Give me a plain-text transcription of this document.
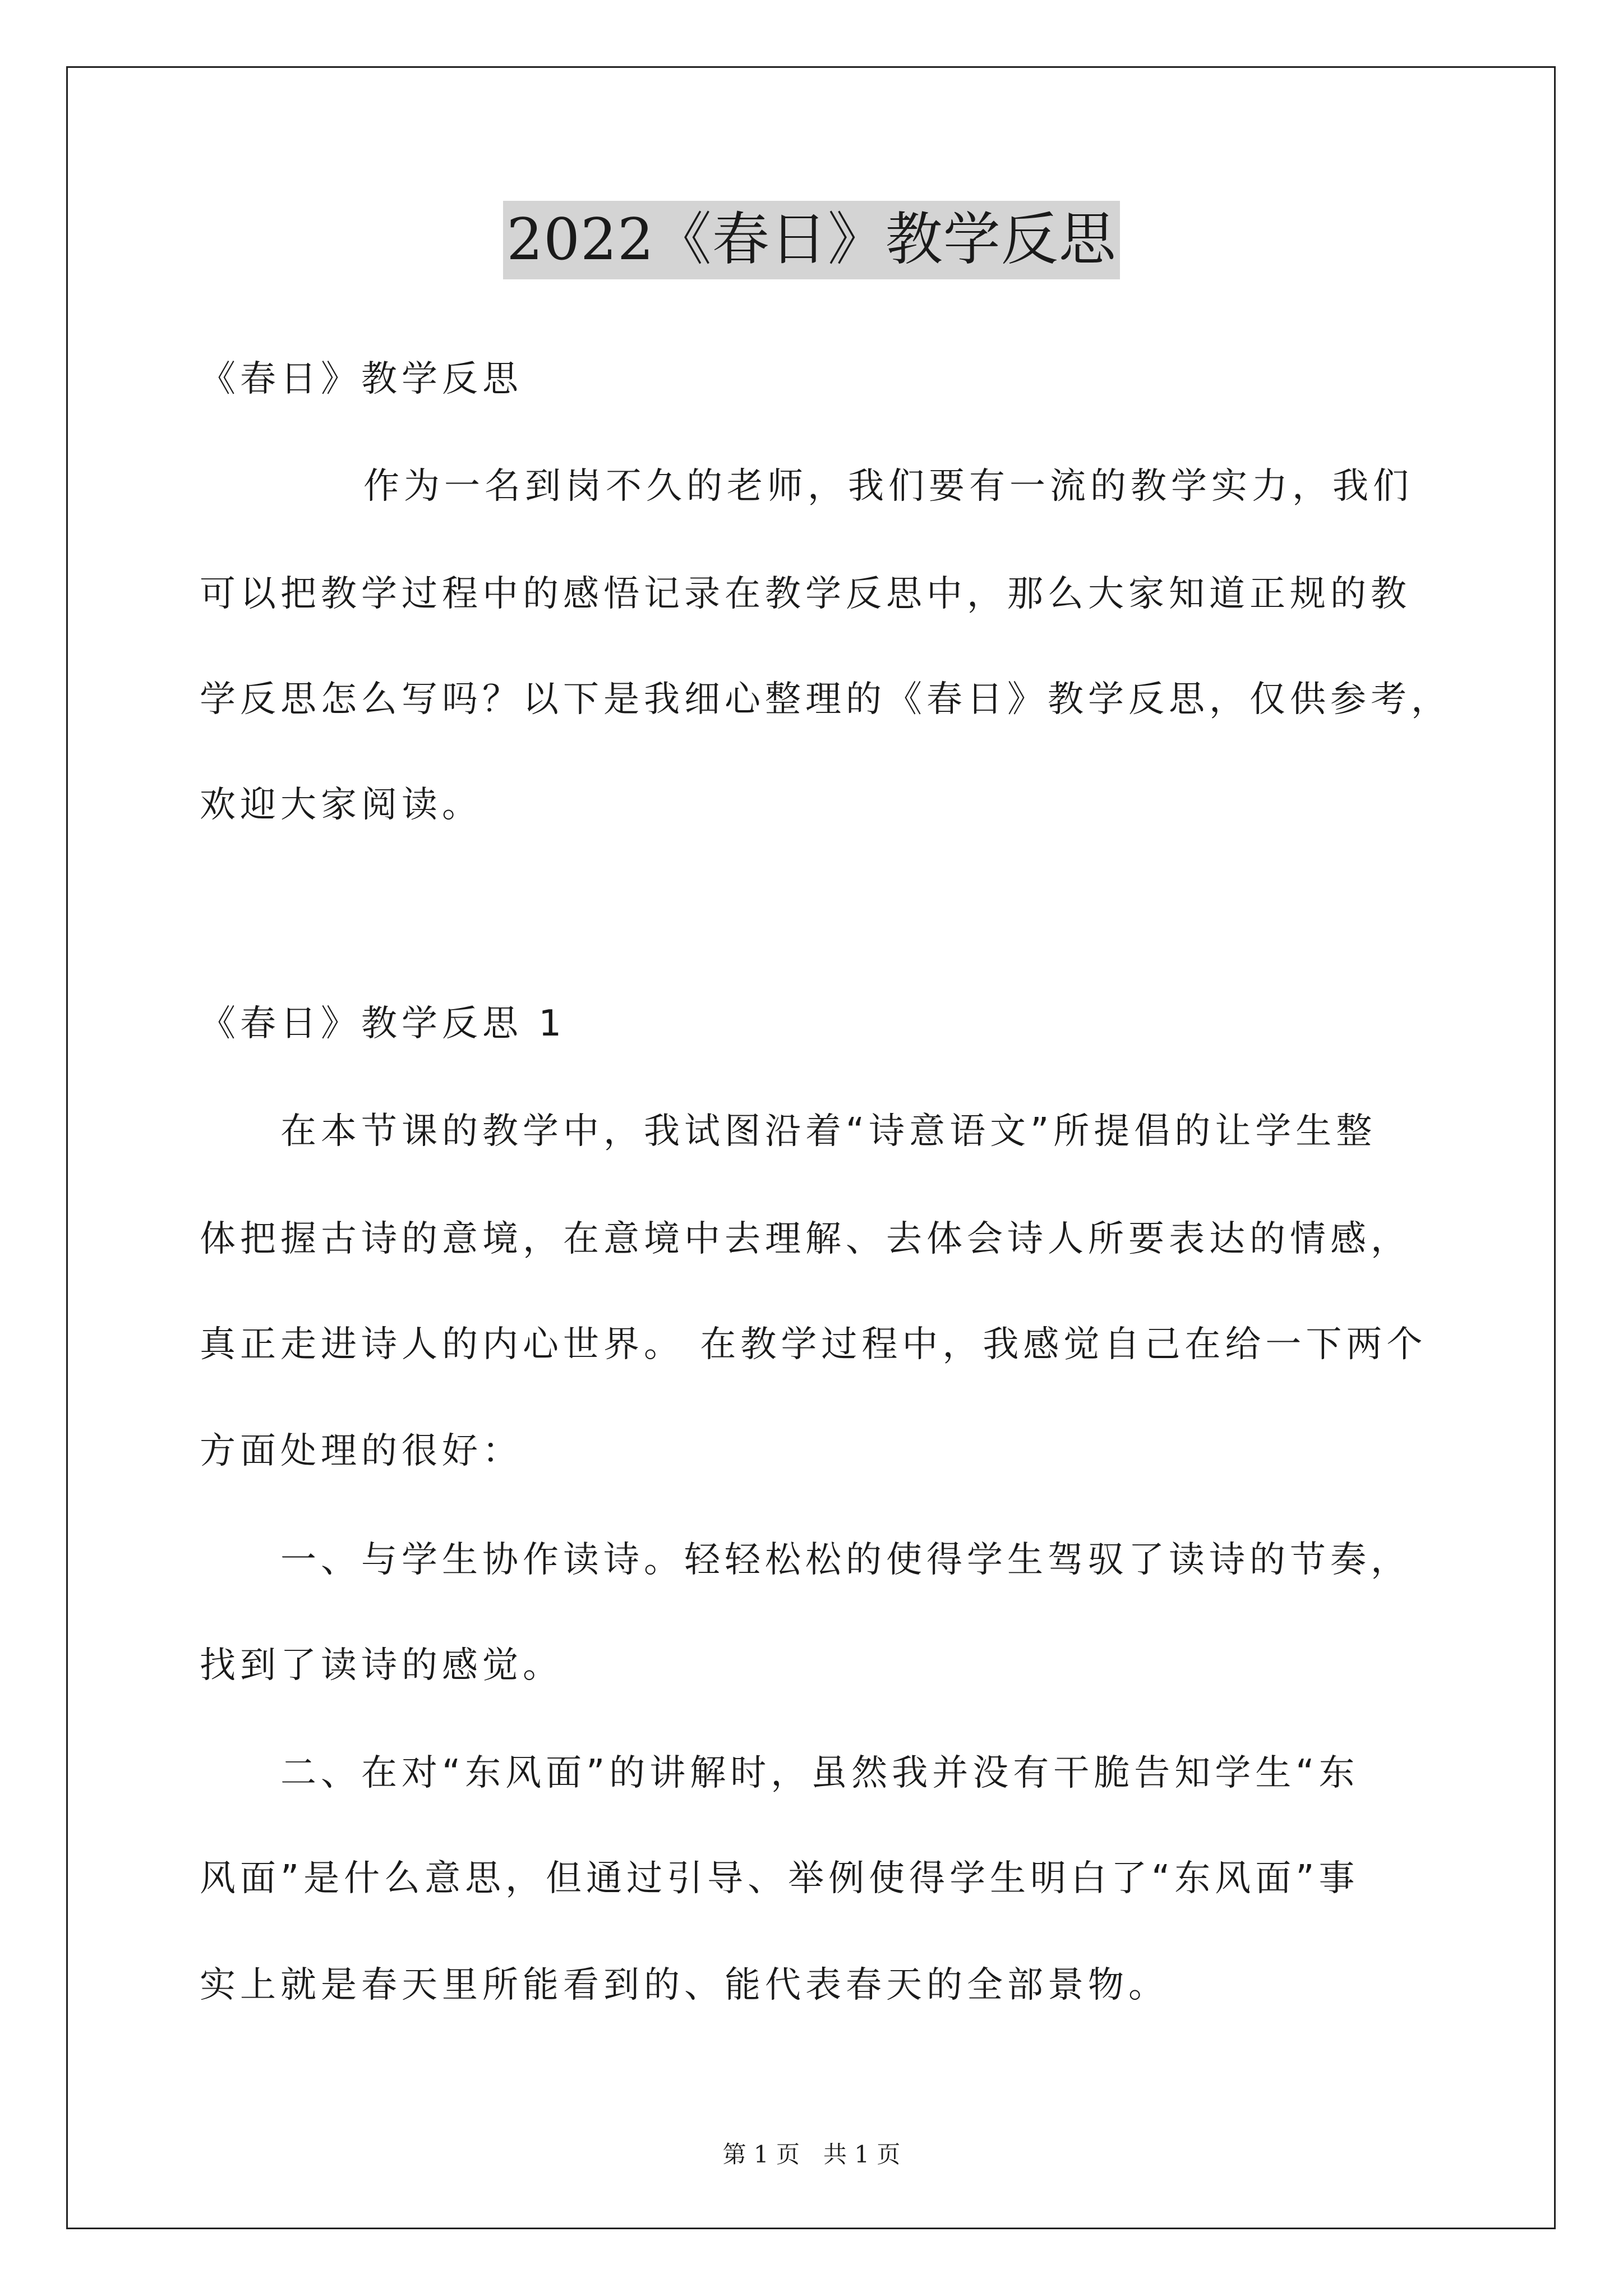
2022《春日》教学反思
《春日》教学反思
作为一名到岗不久的老师，我们要有一流的教学实力，我们
可以把教学过程中的感悟记录在教学反思中，那么大家知道正规的教
学反思怎么写吗？以下是我细心整理的《春日》教学反思，仅供参考，
欢迎大家阅读。
《春日》教学反思 1
在本节课的教学中，我试图沿着“诗意语文”所提倡的让学生整
体把握古诗的意境，在意境中去理解、去体会诗人所要表达的情感，
真正走进诗人的内心世界。 在教学过程中，我感觉自己在给一下两个
方面处理的很好：
一、与学生协作读诗。轻轻松松的使得学生驾驭了读诗的节奏，
找到了读诗的感觉。
二、在对“东风面”的讲解时，虽然我并没有干脆告知学生“东
风面”是什么意思，但通过引导、举例使得学生明白了“东风面”事
实上就是春天里所能看到的、能代表春天的全部景物。
第 1 页　共 1 页
